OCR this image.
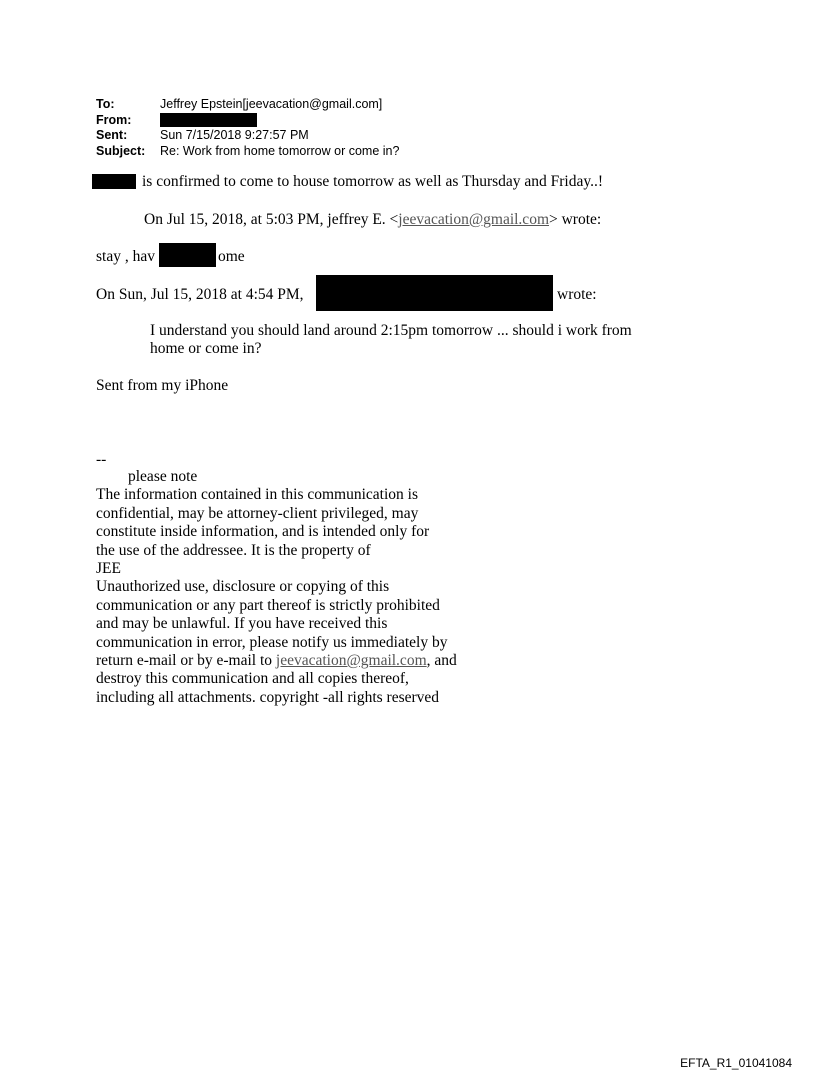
To:	Jeffrey Epstein[jeevacation@gmail.com]
From:
Sent:	Sun 7/15/2018 9:27:57 PM
Subject:	Re: Work from home tomorrow or come in?
is confirmed to come to house tomorrow as well as Thursday and Friday..!
On Jul 15, 2018, at 5:03 PM, jeffrey E. <jeevacation@gmail.com> wrote:
stay , hav	ome
On Sun, Jul 15, 2018 at 4:54 PM,	wrote:
I understand you should land around 2:15pm tomorrow ... should i work from
home or come in?
Sent from my iPhone
--
please note
The information contained in this communication is
confidential, may be attorney-client privileged, may
constitute inside information, and is intended only for
the use of the addressee. It is the property of
JEE
Unauthorized use, disclosure or copying of this
communication or any part thereof is strictly prohibited
and may be unlawful. If you have received this
communication in error, please notify us immediately by
return e-mail or by e-mail to jeevacation@gmail.com, and
destroy this communication and all copies thereof,
including all attachments. copyright -all rights reserved
EFTA_R1_01041084
